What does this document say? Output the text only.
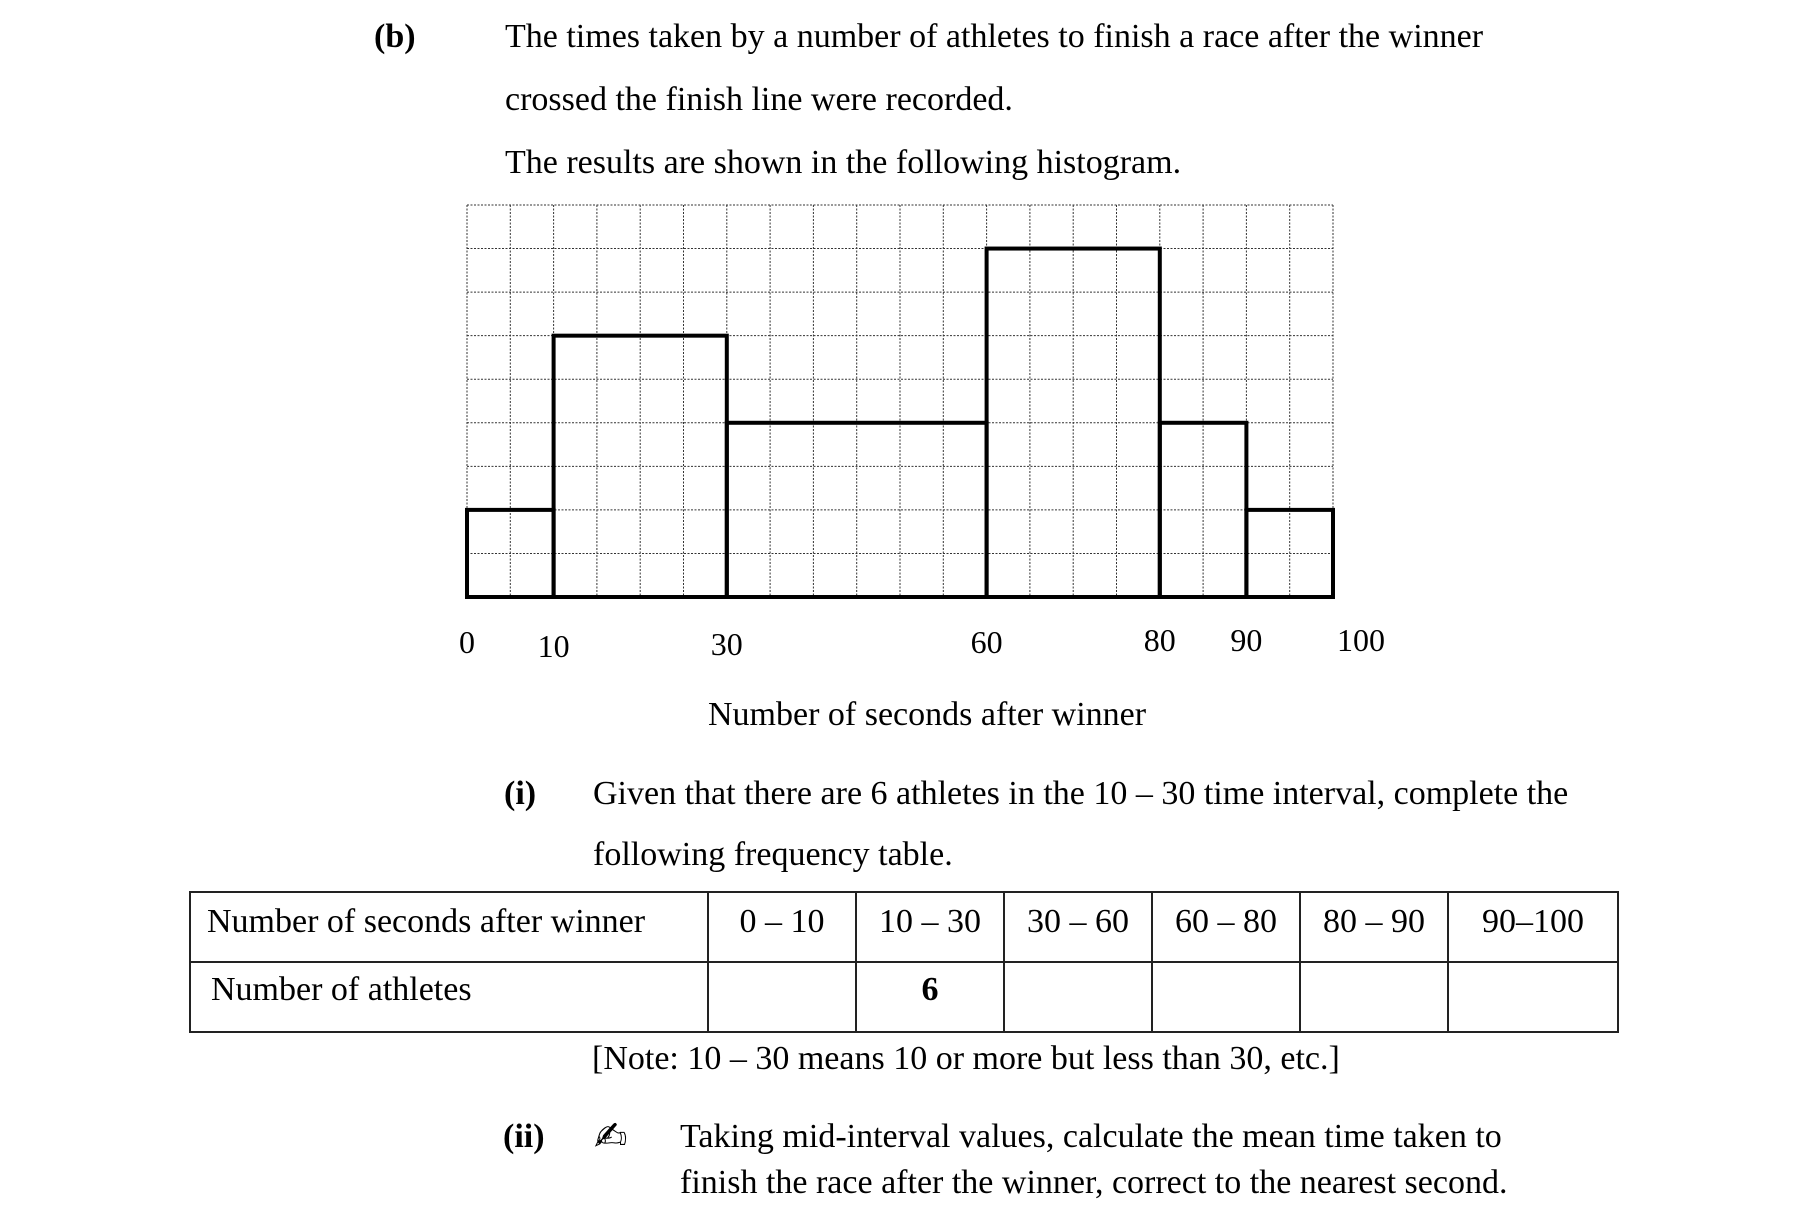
(b)	The times taken by a number of athletes to finish a race after the winner
crossed the finish line were recorded.
The results are shown in the following histogram.
0 10	30	60	80 90 100
Number of seconds after winner
(i) Given that there are 6 athletes in the 10 – 30 time interval, complete the
following frequency table.
Number of seconds after winner	0 – 10	10 – 30	30 – 60	60 – 80	80 – 90	90–100

Number of athletes		6				

[Note: 10 – 30 means 10 or more but less than 30, etc.]
(ii) ✍ Taking mid-interval values, calculate the mean time taken to
finish the race after the winner, correct to the nearest second.
